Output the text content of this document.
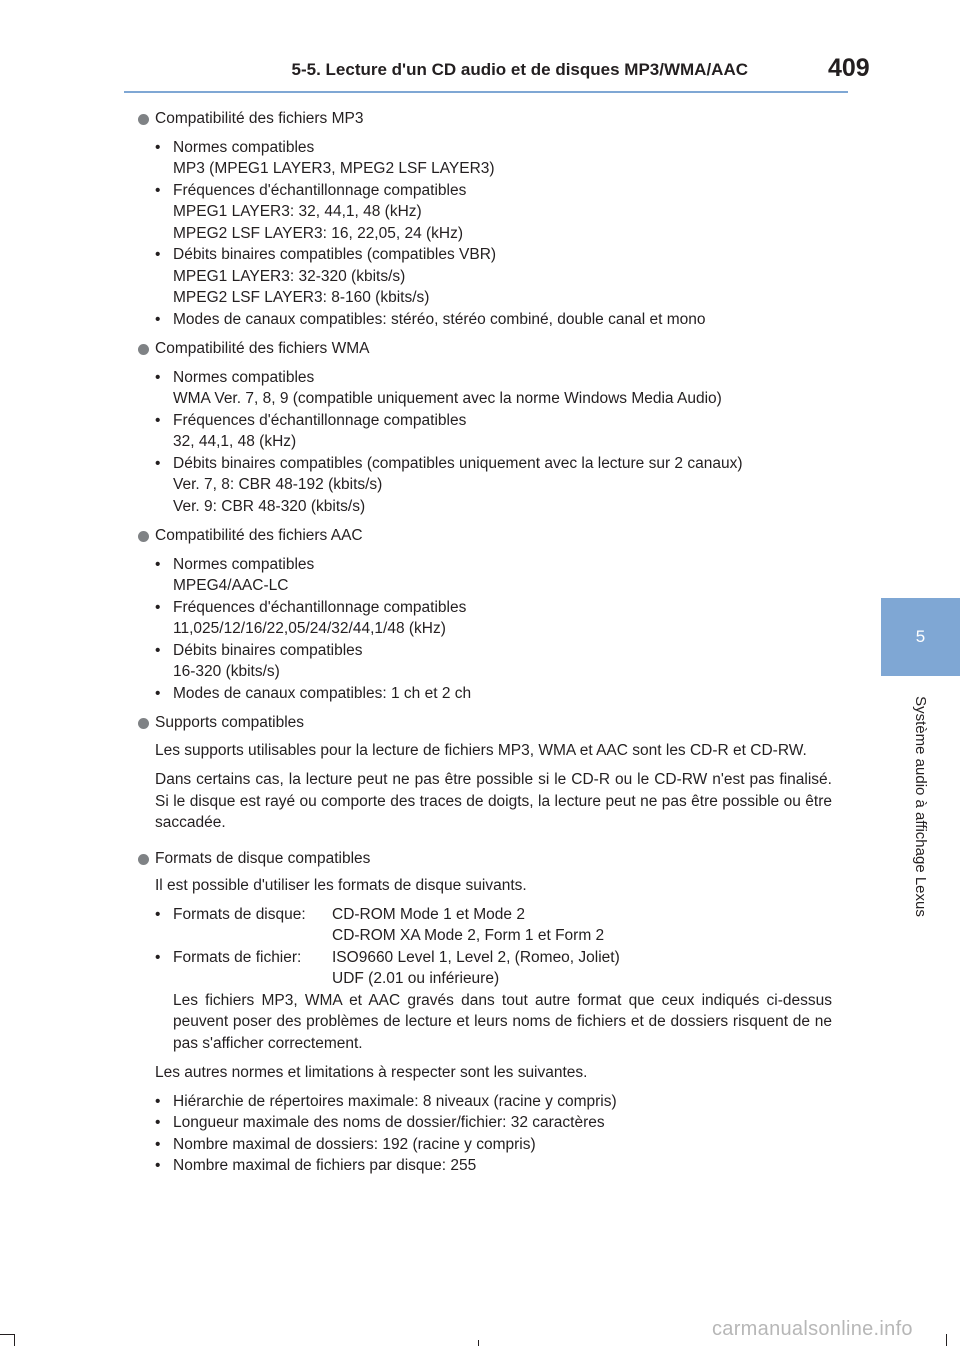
5-5. Lecture d'un CD audio et de disques MP3/WMA/AAC	409
5
Système audio à affichage Lexus
Compatibilité des fichiers MP3
• Normes compatibles
MP3 (MPEG1 LAYER3, MPEG2 LSF LAYER3)
• Fréquences d'échantillonnage compatibles
MPEG1 LAYER3: 32, 44,1, 48 (kHz)
MPEG2 LSF LAYER3: 16, 22,05, 24 (kHz)
• Débits binaires compatibles (compatibles VBR)
MPEG1 LAYER3: 32-320 (kbits/s)
MPEG2 LSF LAYER3: 8-160 (kbits/s)
• Modes de canaux compatibles: stéréo, stéréo combiné, double canal et mono
Compatibilité des fichiers WMA
• Normes compatibles
WMA Ver. 7, 8, 9 (compatible uniquement avec la norme Windows Media Audio)
• Fréquences d'échantillonnage compatibles
32, 44,1, 48 (kHz)
• Débits binaires compatibles (compatibles uniquement avec la lecture sur 2 canaux)
Ver. 7, 8: CBR 48-192 (kbits/s)
Ver. 9: CBR 48-320 (kbits/s)
Compatibilité des fichiers AAC
• Normes compatibles
MPEG4/AAC-LC
• Fréquences d'échantillonnage compatibles
11,025/12/16/22,05/24/32/44,1/48 (kHz)
• Débits binaires compatibles
16-320 (kbits/s)
• Modes de canaux compatibles: 1 ch et 2 ch
Supports compatibles

Les supports utilisables pour la lecture de fichiers MP3, WMA et AAC sont les CD-R et CD-RW.

Dans certains cas, la lecture peut ne pas être possible si le CD-R ou le CD-RW n'est pas finalisé. Si le disque est rayé ou comporte des traces de doigts, la lecture peut ne pas être possible ou être saccadée.

Formats de disque compatibles

Il est possible d'utiliser les formats de disque suivants.

• Formats de disque: CD-ROM Mode 1 et Mode 2
CD-ROM XA Mode 2, Form 1 et Form 2
• Formats de fichier: ISO9660 Level 1, Level 2, (Romeo, Joliet)
UDF (2.01 ou inférieure)

Les fichiers MP3, WMA et AAC gravés dans tout autre format que ceux indiqués ci-dessus peuvent poser des problèmes de lecture et leurs noms de fichiers et de dossiers risquent de ne pas s'afficher correctement.

Les autres normes et limitations à respecter sont les suivantes.

• Hiérarchie de répertoires maximale: 8 niveaux (racine y compris)
• Longueur maximale des noms de dossier/fichier: 32 caractères
• Nombre maximal de dossiers: 192 (racine y compris)
• Nombre maximal de fichiers par disque: 255
carmanualsonline.info
